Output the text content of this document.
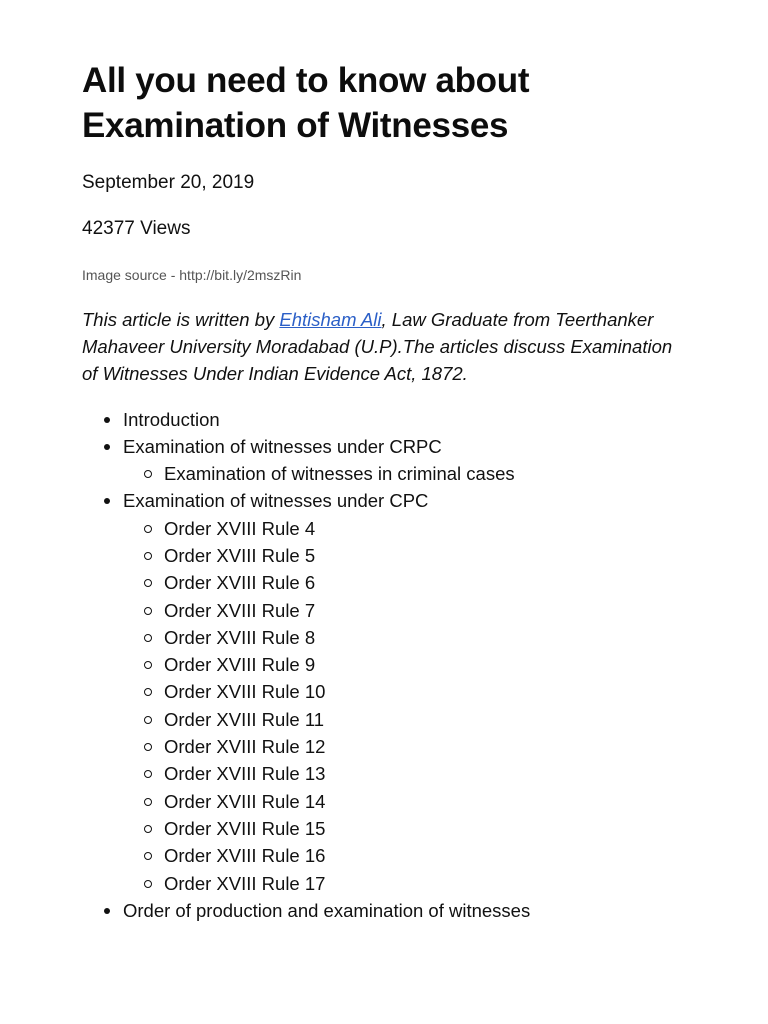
All you need to know about Examination of Witnesses
September 20, 2019
42377 Views
Image source - http://bit.ly/2mszRin

This article is written by Ehtisham Ali, Law Graduate from Teerthanker Mahaveer University Moradabad (U.P).The articles discuss Examination of Witnesses Under Indian Evidence Act, 1872.

Introduction
Examination of witnesses under CRPC
Examination of witnesses in criminal cases
Examination of witnesses under CPC
Order XVIII Rule 4
Order XVIII Rule 5
Order XVIII Rule 6
Order XVIII Rule 7
Order XVIII Rule 8
Order XVIII Rule 9
Order XVIII Rule 10
Order XVIII Rule 11
Order XVIII Rule 12
Order XVIII Rule 13
Order XVIII Rule 14
Order XVIII Rule 15
Order XVIII Rule 16
Order XVIII Rule 17
Order of production and examination of witnesses
